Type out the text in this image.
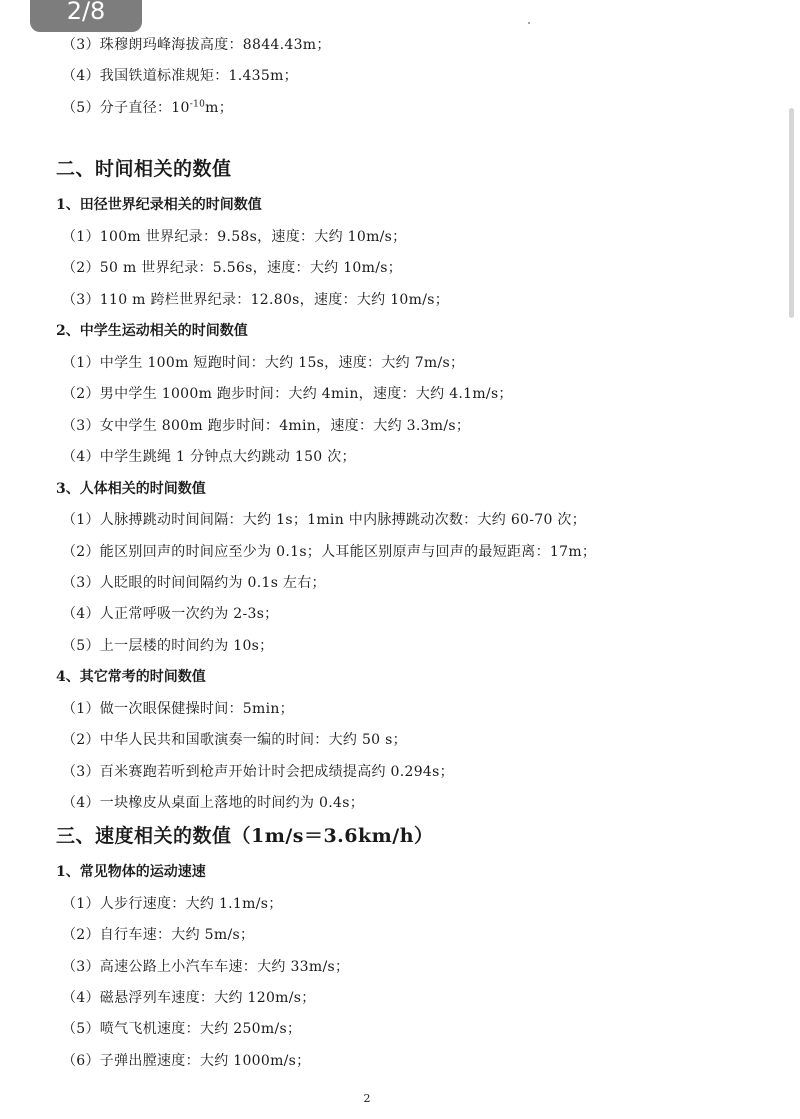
2/8
（3）珠穆朗玛峰海拔高度：8844.43m；
（4）我国铁道标准规矩：1.435m；
（5）分子直径：$10^{-10}m$；
二、时间相关的数值
1、田径世界纪录相关的时间数值
（1）100m 世界纪录：9.58s，速度：大约 10m/s；
（2）50 m 世界纪录：5.56s，速度：大约 10m/s；
（3）110 m 跨栏世界纪录：12.80s，速度：大约 10m/s；
2、中学生运动相关的时间数值
（1）中学生 100m 短跑时间：大约 15s，速度：大约 7m/s；
（2）男中学生 1000m 跑步时间：大约 4min，速度：大约 4.1m/s；
（3）女中学生 800m 跑步时间：4min，速度：大约 3.3m/s；
（4）中学生跳绳 1 分钟点大约跳动 150 次；
3、人体相关的时间数值
（1）人脉搏跳动时间间隔：大约 1s；1min 中内脉搏跳动次数：大约 60-70 次；
（2）能区别回声的时间应至少为 0.1s；人耳能区别原声与回声的最短距离：17m；
（3）人眨眼的时间间隔约为 0.1s 左右；
（4）人正常呼吸一次约为 2-3s；
（5）上一层楼的时间约为 10s；
4、其它常考的时间数值
（1）做一次眼保健操时间：5min；
（2）中华人民共和国歌演奏一编的时间：大约 50 s；
（3）百米赛跑若听到枪声开始计时会把成绩提高约 0.294s；
（4）一块橡皮从桌面上落地的时间约为 0.4s；
三、速度相关的数值（1m/s＝3.6km/h）
1、常见物体的运动速速
（1）人步行速度：大约 1.1m/s；
（2）自行车速：大约 5m/s；
（3）高速公路上小汽车车速：大约 33m/s；
（4）磁悬浮列车速度：大约 120m/s；
（5）喷气飞机速度：大约 250m/s；
（6）子弹出膛速度：大约 1000m/s；
2
